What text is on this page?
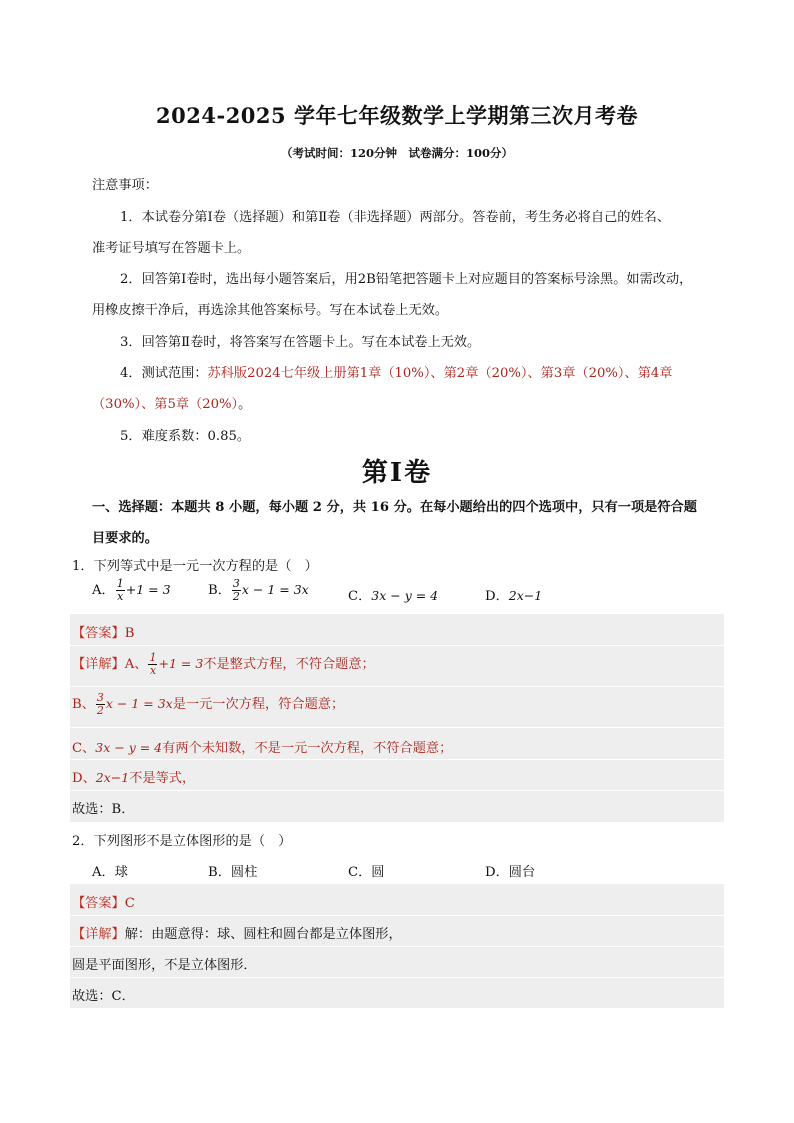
2024-2025 学年七年级数学上学期第三次月考卷
（考试时间：120分钟　试卷满分：100分）
注意事项：
1．本试卷分第Ⅰ卷（选择题）和第Ⅱ卷（非选择题）两部分。答卷前，考生务必将自己的姓名、
准考证号填写在答题卡上。
2．回答第Ⅰ卷时，选出每小题答案后，用2B铅笔把答题卡上对应题目的答案标号涂黑。如需改动，
用橡皮擦干净后，再选涂其他答案标号。写在本试卷上无效。
3．回答第Ⅱ卷时，将答案写在答题卡上。写在本试卷上无效。
4．测试范围：苏科版2024七年级上册第1章（10%）、第2章（20%）、第3章（20%）、第4章
（30%）、第5章（20%）。
5．难度系数：0.85。
第Ⅰ卷
一、选择题：本题共 8 小题，每小题 2 分，共 16 分。在每小题给出的四个选项中，只有一项是符合题
目要求的。
1．下列等式中是一元一次方程的是（　）
A． $\frac{1}{x} +1 = 3$	B． $\frac{3}{2}$ x − 1 = 3x	C．3x − y = 4	D．2x−1
【答案】B
【详解】A、 $\frac{1}{x} +1 = 3$不是整式方程，不符合题意；
B、 $\frac{3}{2}$ x − 1 = 3x是一元一次方程，符合题意；
C、3x − y = 4有两个未知数，不是一元一次方程，不符合题意；
D、2x−1不是等式，
故选：B．
2．下列图形不是立体图形的是（　）
A．球	B．圆柱	C．圆	D．圆台
【答案】C
【详解】解：由题意得：球、圆柱和圆台都是立体图形，
圆是平面图形，不是立体图形．
故选：C．
